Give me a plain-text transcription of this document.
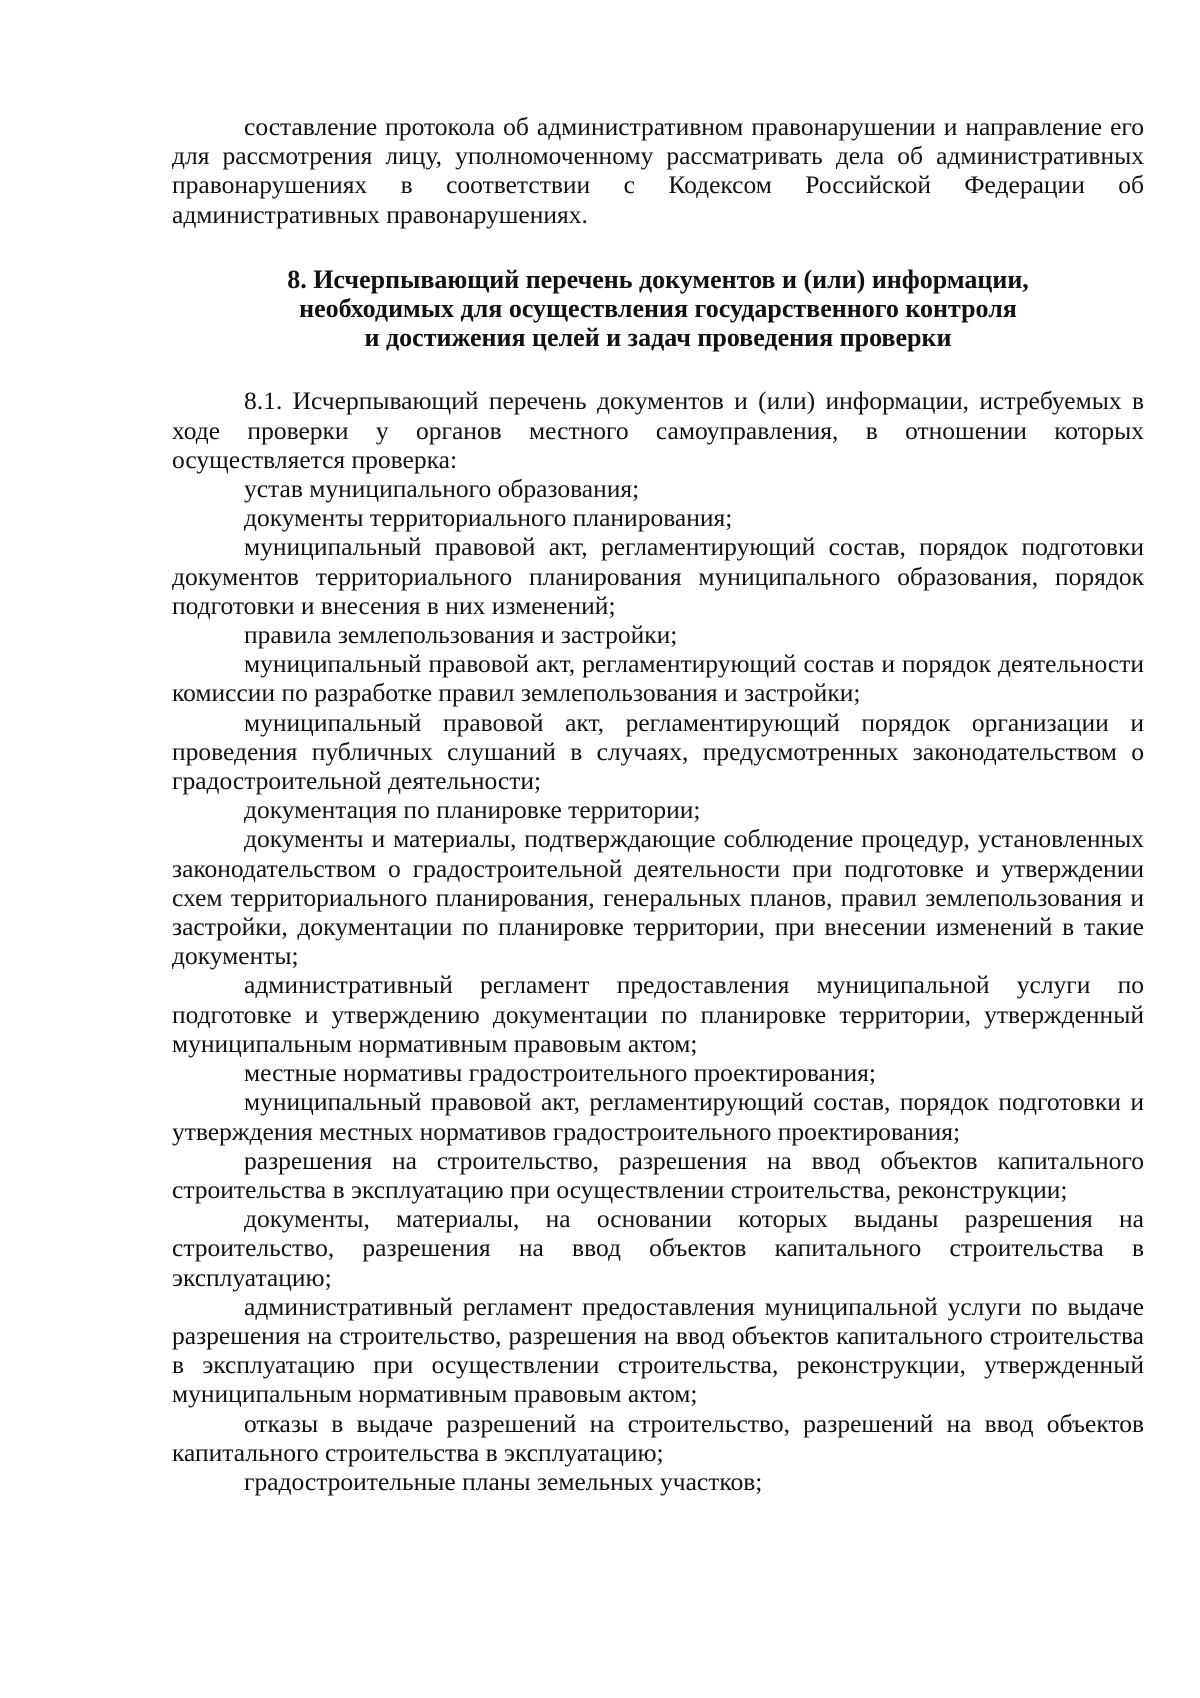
составление протокола об административном правонарушении и направление его для рассмотрения лицу, уполномоченному рассматривать дела об административных правонарушениях в соответствии с Кодексом Российской Федерации об административных правонарушениях.

8. Исчерпывающий перечень документов и (или) информации,
необходимых для осуществления государственного контроля
и достижения целей и задач проведения проверки

8.1. Исчерпывающий перечень документов и (или) информации, истребуемых в ходе проверки у органов местного самоуправления, в отношении которых осуществляется проверка:

устав муниципального образования;

документы территориального планирования;

муниципальный правовой акт, регламентирующий состав, порядок подготовки документов территориального планирования муниципального образования, порядок подготовки и внесения в них изменений;

правила землепользования и застройки;

муниципальный правовой акт, регламентирующий состав и порядок деятельности комиссии по разработке правил землепользования и застройки;

муниципальный правовой акт, регламентирующий порядок организации и проведения публичных слушаний в случаях, предусмотренных законодательством о градостроительной деятельности;

документация по планировке территории;

документы и материалы, подтверждающие соблюдение процедур, установленных законодательством о градостроительной деятельности при подготовке и утверждении схем территориального планирования, генеральных планов, правил землепользования и застройки, документации по планировке территории, при внесении изменений в такие документы;

административный регламент предоставления муниципальной услуги по подготовке и утверждению документации по планировке территории, утвержденный муниципальным нормативным правовым актом;

местные нормативы градостроительного проектирования;

муниципальный правовой акт, регламентирующий состав, порядок подготовки и утверждения местных нормативов градостроительного проектирования;

разрешения на строительство, разрешения на ввод объектов капитального строительства в эксплуатацию при осуществлении строительства, реконструкции;

документы, материалы, на основании которых выданы разрешения на строительство, разрешения на ввод объектов капитального строительства в эксплуатацию;

административный регламент предоставления муниципальной услуги по выдаче разрешения на строительство, разрешения на ввод объектов капитального строительства в эксплуатацию при осуществлении строительства, реконструкции, утвержденный муниципальным нормативным правовым актом;

отказы в выдаче разрешений на строительство, разрешений на ввод объектов капитального строительства в эксплуатацию;

градостроительные планы земельных участков;
